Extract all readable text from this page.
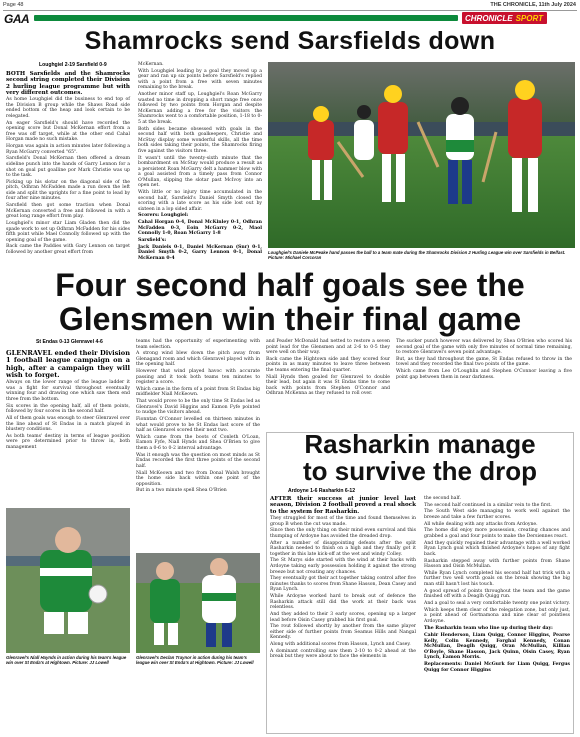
Page 48	THE CHRONICLE, 11th July 2024
GAA	CHRONICLE SPORT
Shamrocks send Sarsfields down
Loughgiel 2-19 Sarsfield 0-9

BOTH Sarsfields and the Shamrocks second string completed their Division 2 hurling league programme but with very different outcomes.

As home Loughgiel did the business to end top of the Division B group while the Shaws Road side ended bottom of the heap and look certain to be relegated.

An eager Sarsfield's should have recorded the opening score but Donal McKernan effort from a free was off target, while at the other end Cahal Horgan made no such mistake.

Horgan was again in action minutes later following a Ryan McGarry converted "65".

Sarsfield's Donal McKernan then offered a dream sideline punch into the hands of Garry Lennon for a shot on goal put goalline por Mark Christie was up to the task.

Picking up his slotar on the diagonal side of the pitch, Odhran McFadden made a run down the left side and split the uprights for a fine point to lead by four after nine minutes.

Sarsfield then got some traction when Donal McKernan converted a free and followed in with a great long range effort from play.

Loughgiel's minor star Liam Gladen then did the spade work to set up Odhran McFadden for his sides fifth point while Mael Connolly followed up with the opening goal of the game.

Back came the Paddies with Gary Lennon on target followed by another great effort from

McKernan.

With Loughgiel leading by a goal they moved up a gear and ran up six points before Sarsfield's replied with a point from a free with seven minutes remaining to the break.

Another minor staff up, Loughgiel's Roan McGarry wasted no time in dropping a short range free once followed by two points from Horgan and despite McKernan adding a free for the visitors the Shamrocks went to a comfortable position, 1-18 to 0-5 at the break.

Both sides became obsessed with goals in the second half with both goalkeepers, Christie and McStay display some wonderful skills, all the time both sides taking their points, the Shamrocks firing five against the visitors three.

It wasn't until the twenty-sixth minute that the bombardment on McStay would produce a result as a persistent Roan McGarry delt a hammer blow with a goal assisted from a timely pass from Connor O'Mullan, slipping the slotar past McIvoy into an open net.

With little or no injury time accumulated in the second half, Sarsfield's Daniel Smyth closed the scoring with a late score as his side lost out by sixteen in a lop sided affair.

Scorers: Loughgiel:

Cahal Horgan 0-4, Donal McKinley 0-1, Odhran McFadden 0-3, Eoin McGarry 0-2, Maol Connolly 1-0, Roan McGarry 1-8

Sarsfield's:

Jack Daniels 0-1, Daniel McKernan (Snr) 0-1, Daniel Smyth 0-2, Garry Lennon 0-1, Donal McKernan 0-4

Loughgiel's Daniele McPeake hand passes the ball to a team mate during the Shamrocks Division 2 Hurling League win over Sarsfields in Belfast. Picture: Michael Corcoran
Four second half goals see the
Glensmen win their final game
St Endas 0-13 Glenravel 4-6

GLENRAVEL ended their Division 1 football league campaign on a high, after a campaign they will wish to forget.

Always on the lower range of the league ladder it was a fight for survival throughout eventually winning four and drawing one which saw them end three from the bottom.

Six scores in the opening half, all of them points, followed by four scores in the second half.

All of them goals was enough to steer Glenravel over the line ahead of St Endas in a match played in blustery conditions.

As both teams' destiny in terms of league position were pre determined prior to throw in, both management

teams had the opportunity of experimenting with team selection.

A strong wind blew down the pitch away from Glenagand room and which Glenravel played with in the opening half.

However that wind played havoc with accurate passing and it took both teams ten minutes to register a score.

Which came in the form of a point from St Endas big midfielder Niall McKeown.

That would prove to be the only time St Endas led as Glenravel's David Higgins and Eamon Fyfe pointed to nudge the visitors ahead.

Fionntan O'Connor levelled on thirteen minutes in what would prove to be St Endas last score of the half as Glenravel scored their next two.

Which came from the boots of Conleth O'Loan, Eamon Fyfe, Niall Hynds and Shea O'Brien to give them a 0-6 to 0-2 interval advantage.

Was it enough was the question on most minds as St Endas recorded the first three points of the second half.

Niall McKeown and two from Donal Walsh brought the home side back within one point of the opposition.

But in a two minute spell Shea O'Brien

and Peader McDonald had netted to restore a seven point lead for the Glensmen and at 2-6 to 0-5 they were well on their way.

Back came the Hightown side and they scored four points in as many minutes to leave three between the teams entering the final quarter.

Niall Hynds then goaled for Glenravel to double their lead, but again it was St Endas time to come back with points from Stephen O'Connor and Odhran McKenna as they refused to roll over.

The sucker punch however was delivered by Shea O'Brien who scored his second goal of the game with only five minutes of normal time remaining, to restore Glenravel's seven point advantage.

But, as they had throughout the game, St Endas refused to throw in the towel and they recorded the final two points of the game.

Which came from Leo O'Loughlin and Stephen O'Connor leaving a five point gap between them in near darkness.

Glenravel's Niall Haynds in action during his team's league win over St Enda's at Hightown. Picture: JJ Lowell
Glenravel's Declan Traynor in action during his team's league win over St Enda's at Hightown. Picture: JJ Lowell
Rasharkin manage
to survive the drop
Ardoyne 1-6 Rasharkin 6-12

AFTER their success at junior level last season, Division 2 football proved a real shock to the system for Rasharkin.

They struggled for most of the time and found themselves in group B when the cut was made.

Since then the only thing on their mind even survival and this thumping of Ardoyne has avoided the dreaded drop.

After a number of disappointing defeats after the split Rasharkin needed to finish on a high and they finally got it together in this late kick-off at the wet and windy Colley.

The St Marys side started with the wind at their backs with Ardoyne taking early possession holding it against the strong breeze but not creating any chances.

They eventually got their act together taking control after five minutes thanks to scores from Shane Hasson, Dean Casey and Ryan Lynch.

While Ardoyne worked hard to break out of defence the Rasharkin attack still did the work at their back was relentless.

And they added to their 3 early scores, opening up a larger lead before Oisin Casey grabbed his first goal.

The rout followed shortly by another from the same player either side of further points from Seamus Hills and Nangal Kennedy.

Along with additional scores from Hasson, Lynch and Casey.

A dominant controlling saw them 2-10 to 0-2 ahead at the break but they were about to face the elements in

the second half.

The second half continued in a similar vein to the first.

The South West side managing to work well against the breeze and take a few further scores.

All while dealing with any attacks from Ardoyne.

The home did enjoy more possession, creating chances and grabbed a goal and four points to make the Dersiennes react.

And they quickly regained their advantage with a well worked Ryan Lynch goal which finished Ardoyne's hopes of any fight back.

Rasharkin stepped away with further points from Shane Hasson and Oisin McMullan.

While Ryan Lynch completed his second half hat trick with a further two well worth goals on the break showing the big man still hasn't lost his touch.

A good spread of points throughout the team and the game finished off with a Deaglh Quigg run.

And a goal to seal a very comfortable twenty one point victory.

Which keeps them clear of the relegation zone, but only just, a point ahead of Gortnamona and nine clear of pointless Ardoyne.

The Rasharkin team who line up during their day:

Cahir Henderson, Liam Quigg, Connor Higgins, Pearse Kelly, Colin Kennedy, Forghal Kennedy, Conan McMullan, Deaglh Quigg, Oran McMullan, Killian O'Boyle, Shane Hasson, Jack Quinn, Oisin Casey, Ryan Lynch, Eamon Morris.

Replacements: Daniel McGurk for Liam Quigg, Fergus Quigg for Connor Higgins
